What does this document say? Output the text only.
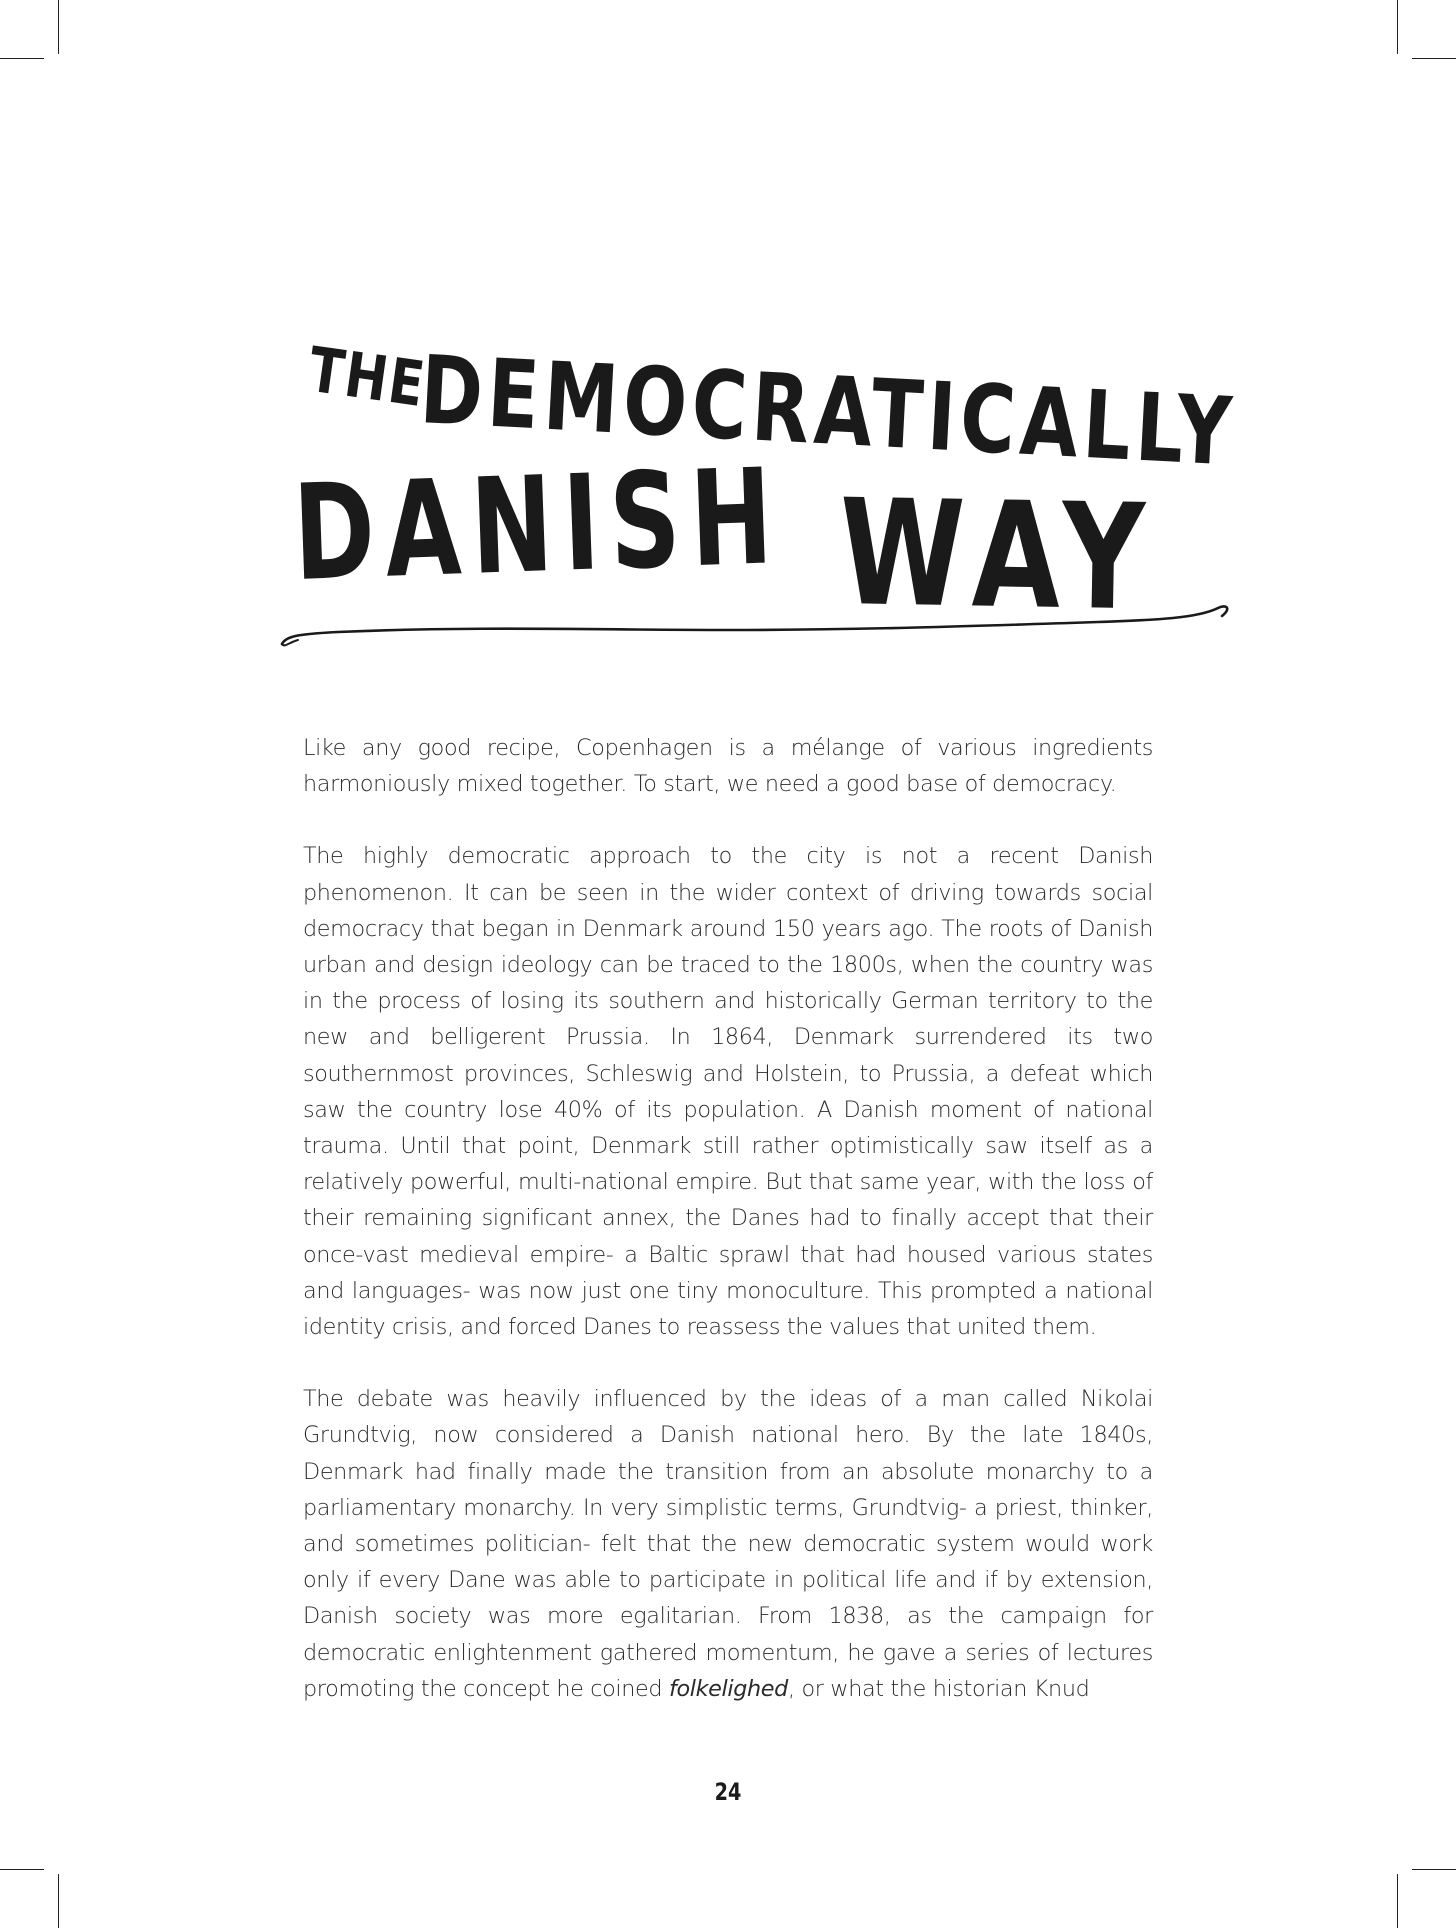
THE
DEMOCRATICALLY
DANISH WAY

Like any good recipe, Copenhagen is a mélange of various ingredients harmoniously mixed together. To start, we need a good base of democracy.

The highly democratic approach to the city is not a recent Danish phenomenon. It can be seen in the wider context of driving towards social democracy that began in Denmark around 150 years ago. The roots of Danish urban and design ideology can be traced to the 1800s, when the country was in the process of losing its southern and historically German territory to the new and belligerent Prussia. In 1864, Denmark surrendered its two southernmost provinces, Schleswig and Holstein, to Prussia, a defeat which saw the country lose 40% of its population. A Danish moment of national trauma. Until that point, Denmark still rather optimistically saw itself as a relatively powerful, multi-national empire. But that same year, with the loss of their remaining significant annex, the Danes had to finally accept that their once-vast medieval empire- a Baltic sprawl that had housed various states and languages- was now just one tiny monoculture. This prompted a national identity crisis, and forced Danes to reassess the values that united them.

The debate was heavily influenced by the ideas of a man called Nikolai Grundtvig, now considered a Danish national hero. By the late 1840s, Denmark had finally made the transition from an absolute monarchy to a parliamentary monarchy. In very simplistic terms, Grundtvig- a priest, thinker, and sometimes politician- felt that the new democratic system would work only if every Dane was able to participate in political life and if by extension, Danish society was more egalitarian. From 1838, as the campaign for democratic enlightenment gathered momentum, he gave a series of lectures promoting the concept he coined folkelighed, or what the historian Knud

24
